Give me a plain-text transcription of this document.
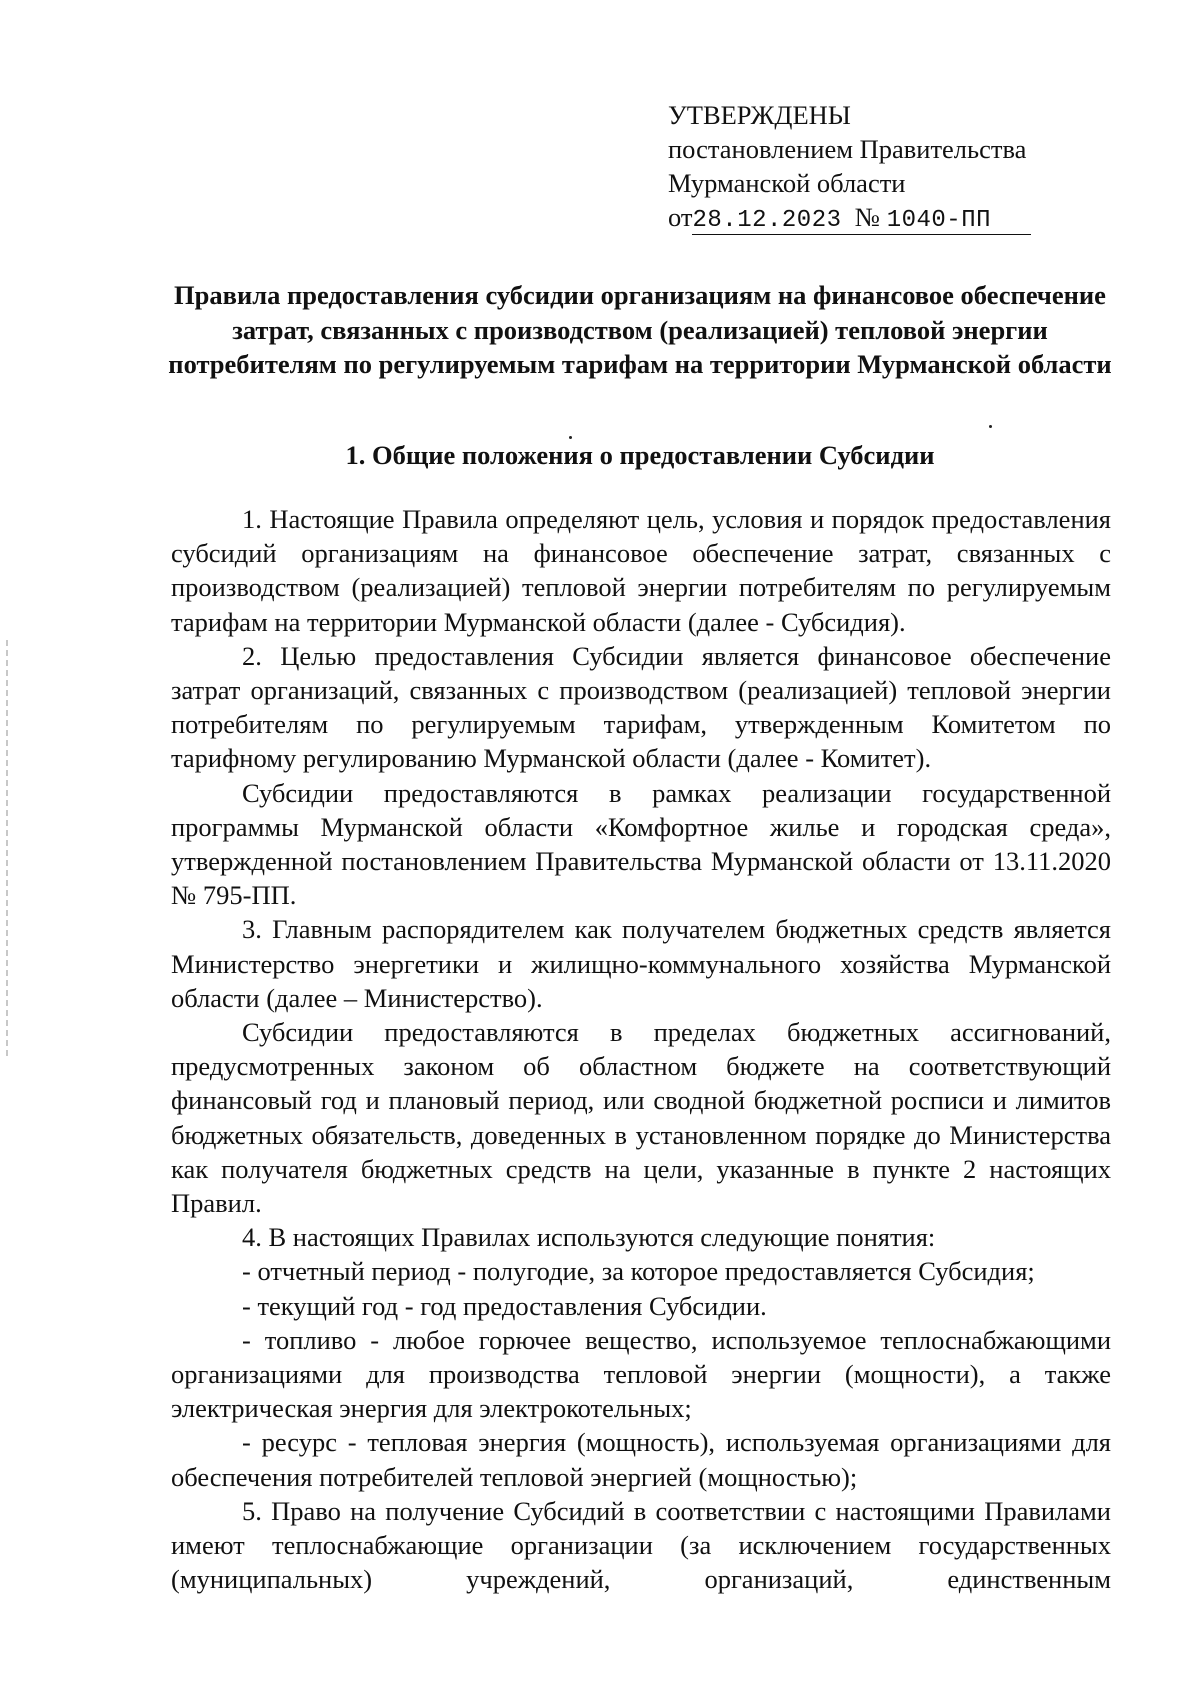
УТВЕРЖДЕНЫ
постановлением Правительства
Мурманской области
от28.12.2023 № 1040-ПП
Правила предоставления субсидии организациям на финансовое обеспечение затрат, связанных с производством (реализацией) тепловой энергии потребителям по регулируемым тарифам на территории Мурманской области
1. Общие положения о предоставлении Субсидии

1. Настоящие Правила определяют цель, условия и порядок предоставления субсидий организациям на финансовое обеспечение затрат, связанных с производством (реализацией) тепловой энергии потребителям по регулируемым тарифам на территории Мурманской области (далее - Субсидия).

2. Целью предоставления Субсидии является финансовое обеспечение затрат организаций, связанных с производством (реализацией) тепловой энергии потребителям по регулируемым тарифам, утвержденным Комитетом по тарифному регулированию Мурманской области (далее - Комитет).

Субсидии предоставляются в рамках реализации государственной программы Мурманской области «Комфортное жилье и городская среда», утвержденной постановлением Правительства Мурманской области от 13.11.2020 № 795-ПП.

3. Главным распорядителем как получателем бюджетных средств является Министерство энергетики и жилищно-коммунального хозяйства Мурманской области (далее – Министерство).

Субсидии предоставляются в пределах бюджетных ассигнований, предусмотренных законом об областном бюджете на соответствующий финансовый год и плановый период, или сводной бюджетной росписи и лимитов бюджетных обязательств, доведенных в установленном порядке до Министерства как получателя бюджетных средств на цели, указанные в пункте 2 настоящих Правил.

4. В настоящих Правилах используются следующие понятия:

- отчетный период - полугодие, за которое предоставляется Субсидия;

- текущий год - год предоставления Субсидии.

- топливо - любое горючее вещество, используемое теплоснабжающими организациями для производства тепловой энергии (мощности), а также электрическая энергия для электрокотельных;

- ресурс - тепловая энергия (мощность), используемая организациями для обеспечения потребителей тепловой энергией (мощностью);

5. Право на получение Субсидий в соответствии с настоящими Правилами имеют теплоснабжающие организации (за исключением государственных (муниципальных) учреждений, организаций, единственным
